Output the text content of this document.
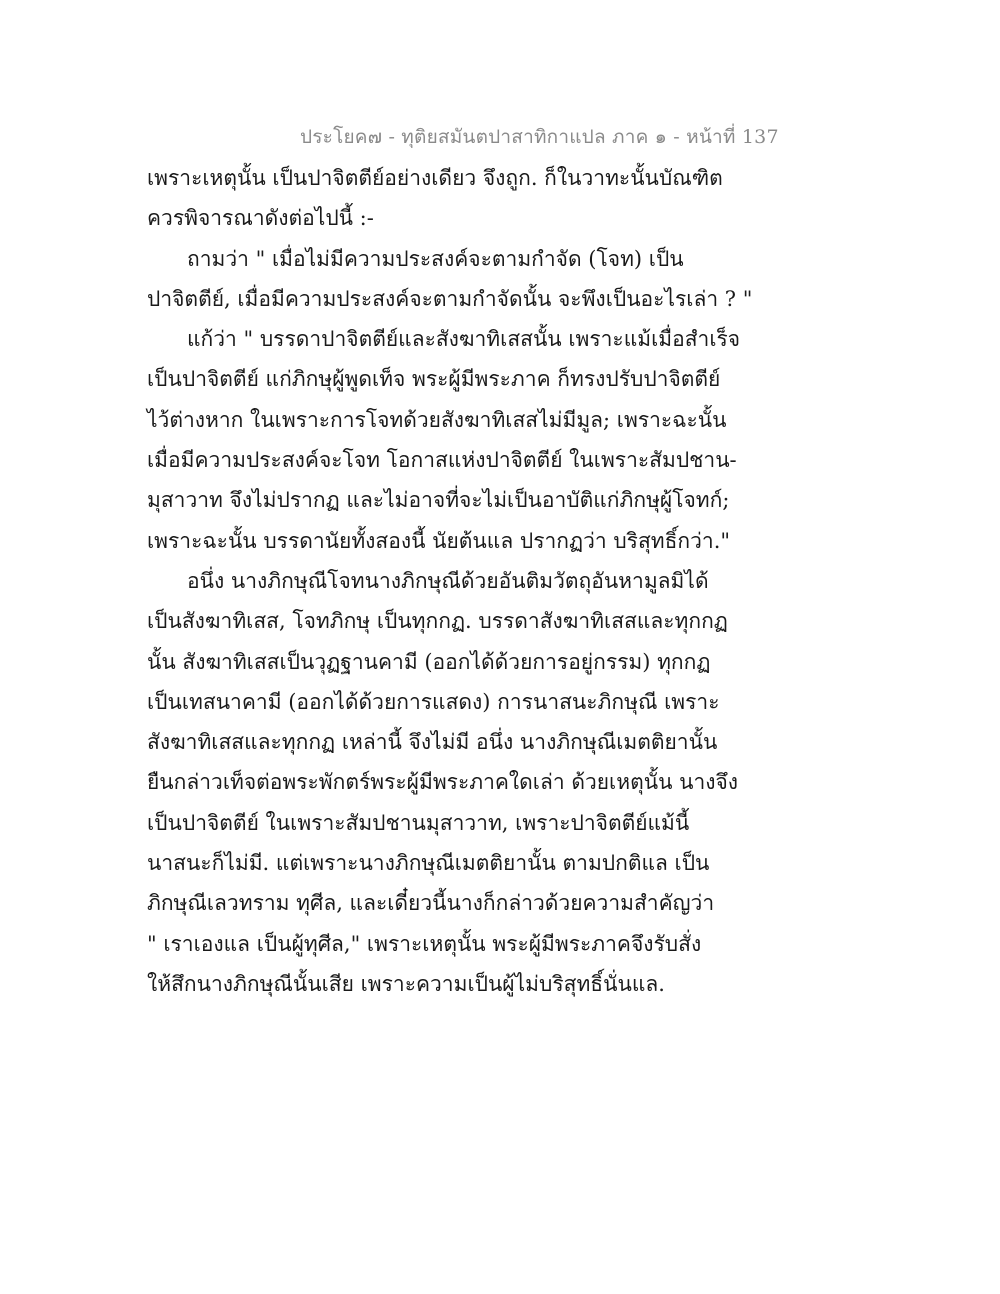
ประโยค๗ - ทุติยสมันตปาสาทิกาแปล ภาค ๑ - หน้าที่ 137
เพราะเหตุนั้น เป็นปาจิตตีย์อย่างเดียว จึงถูก. ก็ในวาทะนั้นบัณฑิต
ควรพิจารณาดังต่อไปนี้ :-
ถามว่า " เมื่อไม่มีความประสงค์จะตามกำจัด (โจท) เป็น
ปาจิตตีย์, เมื่อมีความประสงค์จะตามกำจัดนั้น จะพึงเป็นอะไรเล่า ? "
แก้ว่า " บรรดาปาจิตตีย์และสังฆาทิเสสนั้น เพราะแม้เมื่อสำเร็จ
เป็นปาจิตตีย์ แก่ภิกษุผู้พูดเท็จ พระผู้มีพระภาค ก็ทรงปรับปาจิตตีย์
ไว้ต่างหาก ในเพราะการโจทด้วยสังฆาทิเสสไม่มีมูล; เพราะฉะนั้น
เมื่อมีความประสงค์จะโจท โอกาสแห่งปาจิตตีย์ ในเพราะสัมปชาน-
มุสาวาท จึงไม่ปรากฏ และไม่อาจที่จะไม่เป็นอาบัติแก่ภิกษุผู้โจทก์;
เพราะฉะนั้น บรรดานัยทั้งสองนี้ นัยต้นแล ปรากฏว่า บริสุทธิ์กว่า."
อนึ่ง นางภิกษุณีโจทนางภิกษุณีด้วยอันติมวัตถุอันหามูลมิได้
เป็นสังฆาทิเสส, โจทภิกษุ เป็นทุกกฏ. บรรดาสังฆาทิเสสและทุกกฏ
นั้น สังฆาทิเสสเป็นวุฏฐานคามี (ออกได้ด้วยการอยู่กรรม) ทุกกฏ
เป็นเทสนาคามี (ออกได้ด้วยการแสดง) การนาสนะภิกษุณี เพราะ
สังฆาทิเสสและทุกกฏ เหล่านี้ จึงไม่มี อนึ่ง นางภิกษุณีเมตติยานั้น
ยืนกล่าวเท็จต่อพระพักตร์พระผู้มีพระภาคใดเล่า ด้วยเหตุนั้น นางจึง
เป็นปาจิตตีย์ ในเพราะสัมปชานมุสาวาท, เพราะปาจิตตีย์แม้นี้
นาสนะก็ไม่มี. แต่เพราะนางภิกษุณีเมตติยานั้น ตามปกติแล เป็น
ภิกษุณีเลวทราม ทุศีล, และเดี๋ยวนี้นางก็กล่าวด้วยความสำคัญว่า
" เราเองแล เป็นผู้ทุศีล," เพราะเหตุนั้น พระผู้มีพระภาคจึงรับสั่ง
ให้สึกนางภิกษุณีนั้นเสีย เพราะความเป็นผู้ไม่บริสุทธิ์นั่นแล.
